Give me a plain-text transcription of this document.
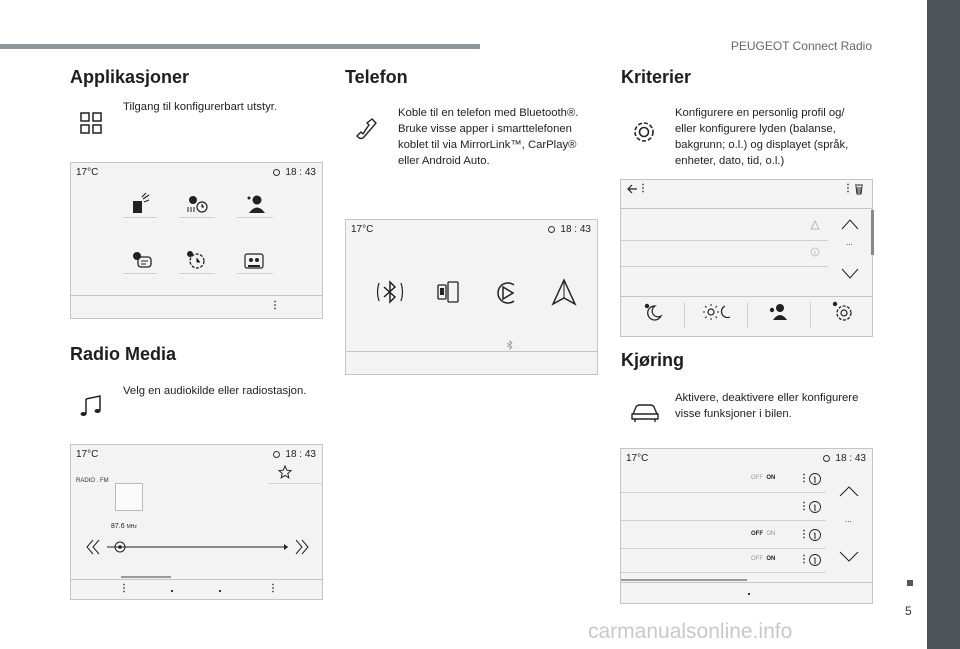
PEUGEOT Connect Radio
5
carmanualsonline.info
Applikasjoner
Tilgang til konfigurerbart utstyr.
17°C	18 : 43
⋮
Radio Media
Velg en audiokilde eller radiostasjon.
17°C	18 : 43
RADIO . FM
87.6 MHz
⋮	⋮
Telefon
Koble til en telefon med Bluetooth®.
Bruke visse apper i smarttelefonen
koblet til via MirrorLink™, CarPlay®
eller Android Auto.
17°C	18 : 43
Kriterier
Konfigurere en personlig profil og/
eller konfigurere lyden (balanse,
bakgrunn; o.l.) og displayet (språk,
enheter, dato, tid, o.l.)
⋮	⋮
...
Kjøring
Aktivere, deaktivere eller konfigurere
visse funksjoner i bilen.
17°C	18 : 43
OFF ON ⋮
⋮
OFF ON ⋮
OFF ON ⋮
...
